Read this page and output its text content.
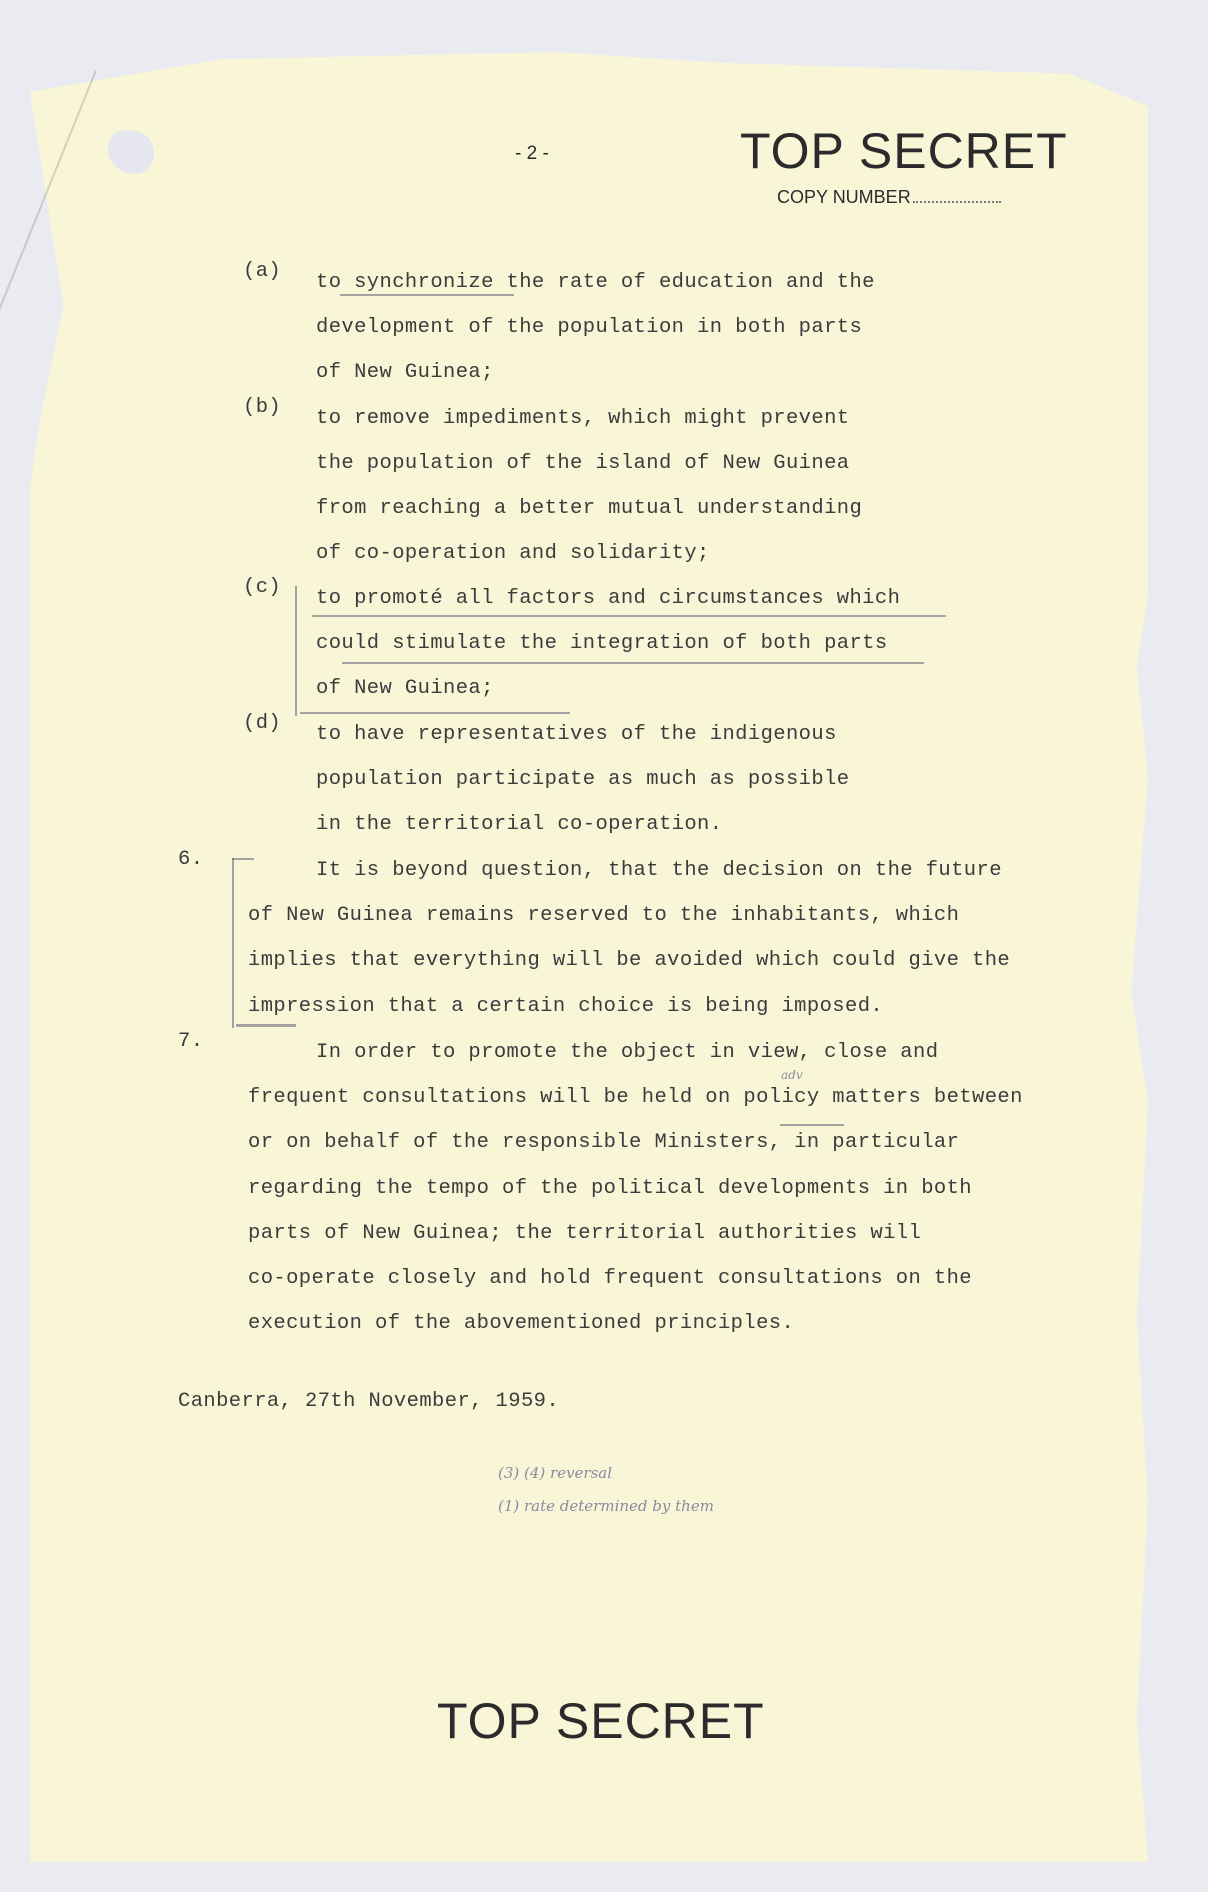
- 2 -	TOP SECRET
COPY NUMBER
(a) to synchronize the rate of education and the
development of the population in both parts
of New Guinea;
(b) to remove impediments, which might prevent
the population of the island of New Guinea
from reaching a better mutual understanding
of co-operation and solidarity;
(c) to promoté all factors and circumstances which
could stimulate the integration of both parts
of New Guinea;
(d) to have representatives of the indigenous
population participate as much as possible
in the territorial co-operation.
6.	It is beyond question, that the decision on the future
of New Guinea remains reserved to the inhabitants, which
implies that everything will be avoided which could give the
impression that a certain choice is being imposed.
7.	In order to promote the object in view, close and
frequent consultations will be held on policy matters between
or on behalf of the responsible Ministers, in particular
regarding the tempo of the political developments in both
parts of New Guinea; the territorial authorities will
co-operate closely and hold frequent consultations on the
execution of the abovementioned principles.
Canberra, 27th November, 1959.
adv
(3) (4) reversal
(1) rate determined by them
TOP SECRET
